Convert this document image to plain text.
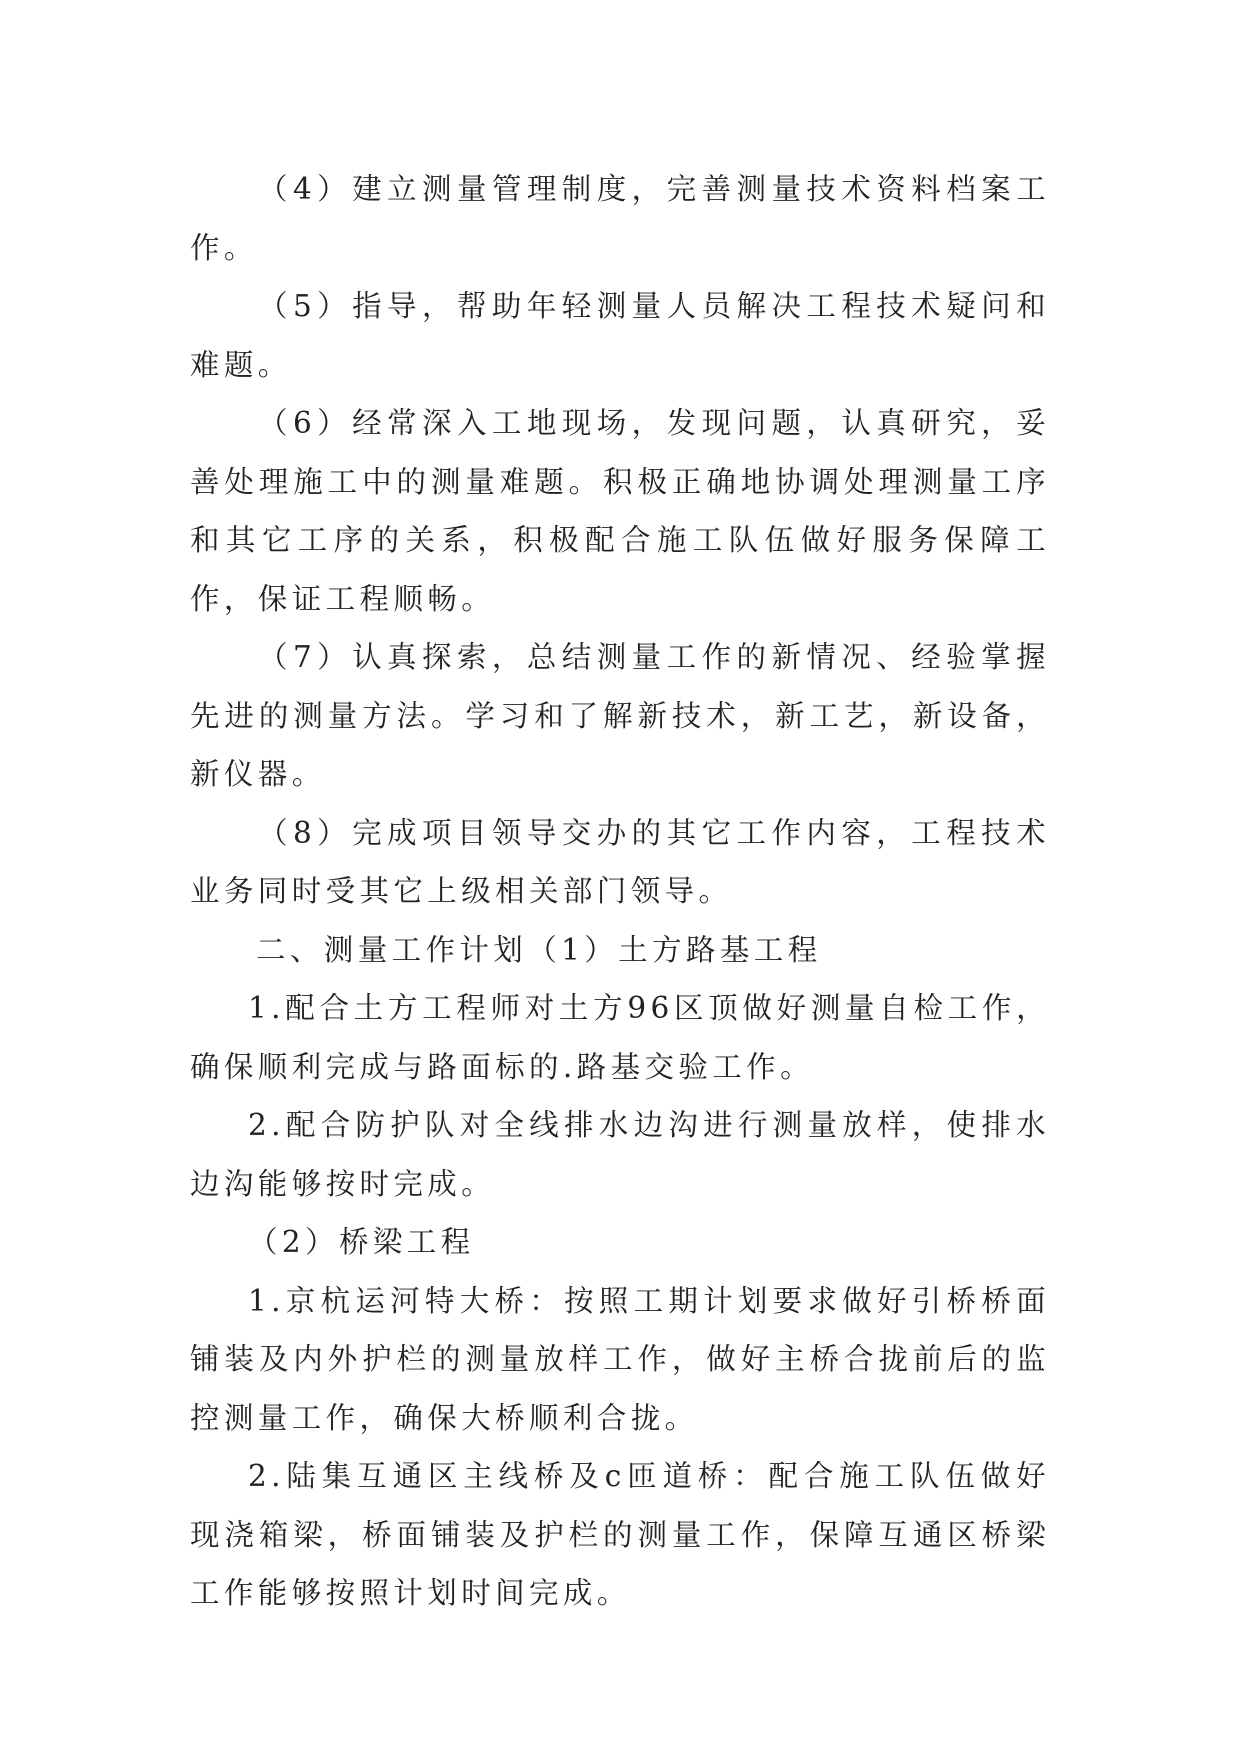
（4）建立测量管理制度，完善测量技术资料档案工作。

（5）指导，帮助年轻测量人员解决工程技术疑问和难题。

（6）经常深入工地现场，发现问题，认真研究，妥善处理施工中的测量难题。积极正确地协调处理测量工序和其它工序的关系，积极配合施工队伍做好服务保障工作，保证工程顺畅。

（7）认真探索，总结测量工作的新情况、经验掌握先进的测量方法。学习和了解新技术，新工艺，新设备，新仪器。

（8）完成项目领导交办的其它工作内容，工程技术业务同时受其它上级相关部门领导。

二、测量工作计划（1）土方路基工程

1.配合土方工程师对土方96区顶做好测量自检工作，确保顺利完成与路面标的.路基交验工作。

2.配合防护队对全线排水边沟进行测量放样，使排水边沟能够按时完成。

（2）桥梁工程

1.京杭运河特大桥：按照工期计划要求做好引桥桥面铺装及内外护栏的测量放样工作，做好主桥合拢前后的监控测量工作，确保大桥顺利合拢。

2.陆集互通区主线桥及c匝道桥：配合施工队伍做好现浇箱梁，桥面铺装及护栏的测量工作，保障互通区桥梁工作能够按照计划时间完成。
